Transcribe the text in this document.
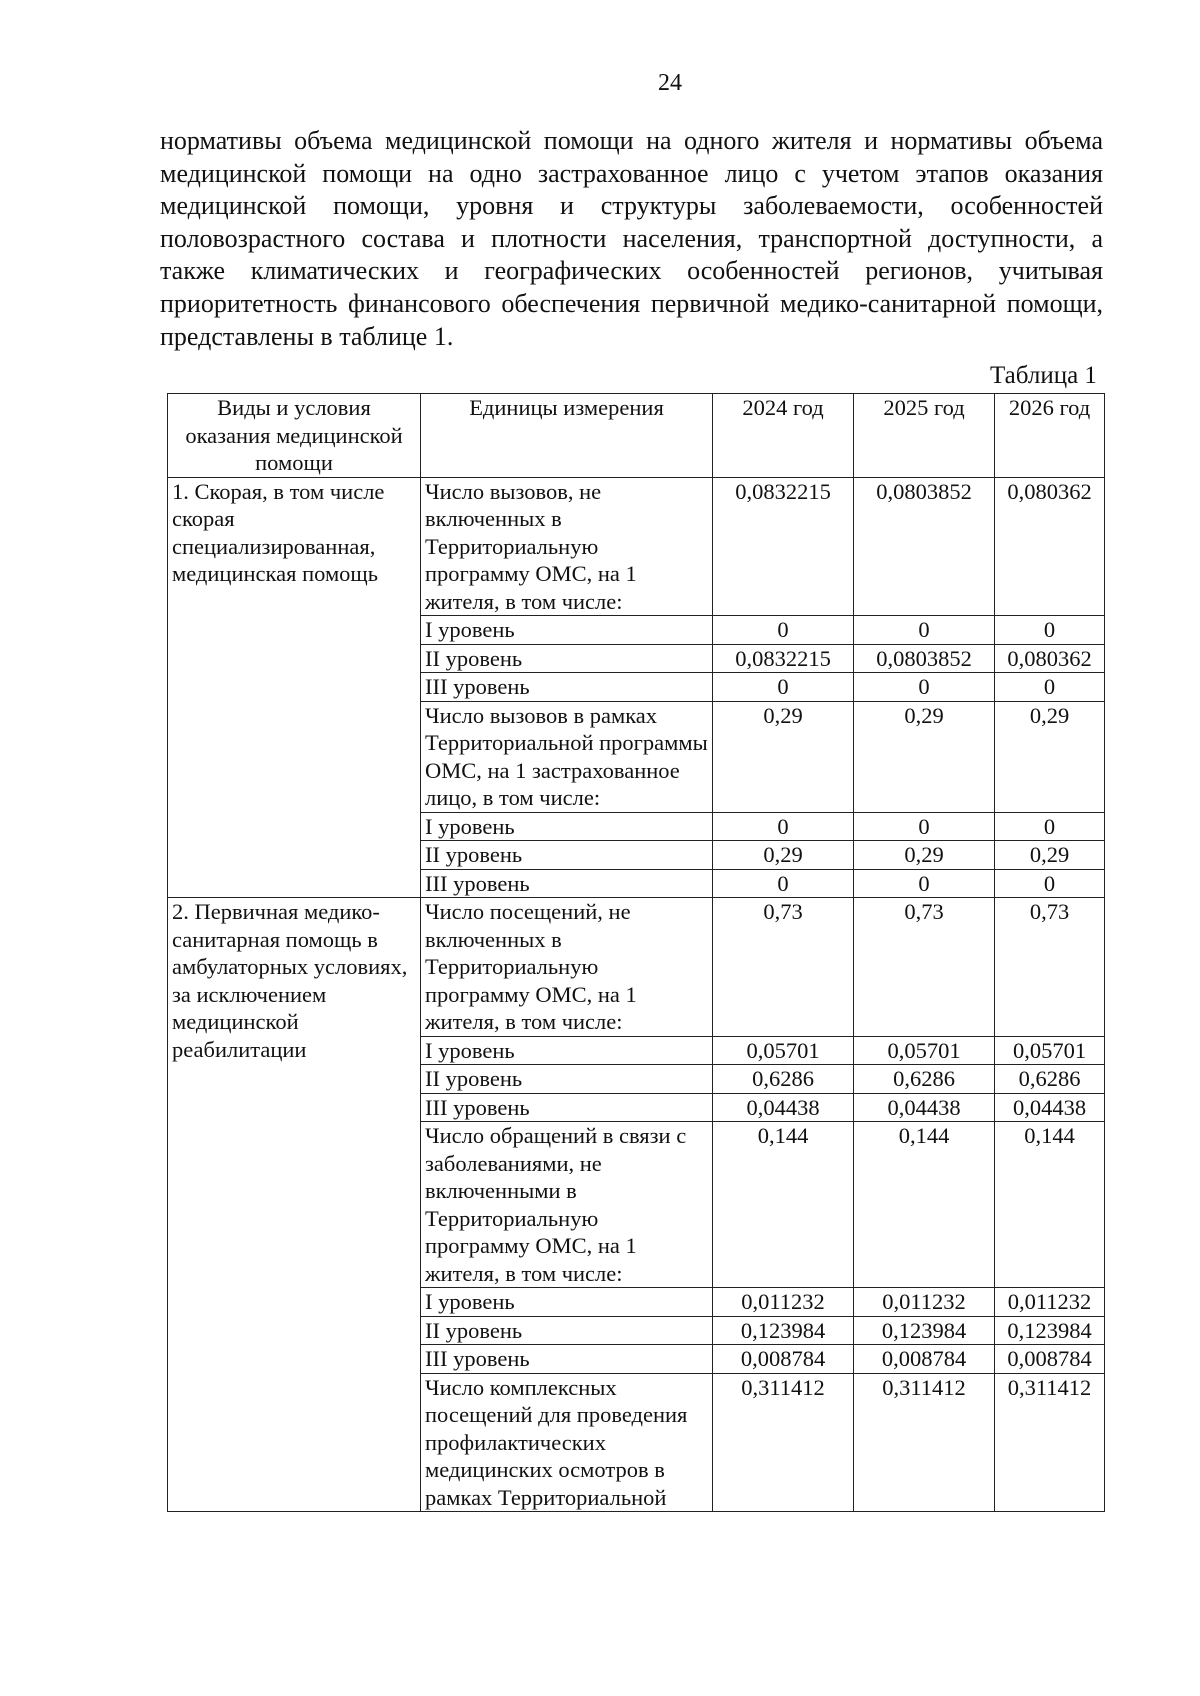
24

нормативы объема медицинской помощи на одного жителя и нормативы объема медицинской помощи на одно застрахованное лицо с учетом этапов оказания медицинской помощи, уровня и структуры заболеваемости, особенностей половозрастного состава и плотности населения, транспортной доступности, а также климатических и географических особенностей регионов, учитывая приоритетность финансового обеспечения первичной медико-санитарной помощи, представлены в таблице 1.

Таблица 1
Виды и условия оказания медицинской помощи	Единицы измерения	2024 год	2025 год	2026 год
1. Скорая, в том числе скорая специализированная, медицинская помощь	Число вызовов, не включенных в Территориальную программу ОМС, на 1 жителя, в том числе:	0,0832215	0,0803852	0,080362
	I уровень	0	0	0
	II уровень	0,0832215	0,0803852	0,080362
	III уровень	0	0	0
	Число вызовов в рамках Территориальной программы ОМС, на 1 застрахованное лицо, в том числе:	0,29	0,29	0,29
	I уровень	0	0	0
	II уровень	0,29	0,29	0,29
	III уровень	0	0	0
2. Первичная медико-санитарная помощь в амбулаторных условиях, за исключением медицинской реабилитации	Число посещений, не включенных в Территориальную программу ОМС, на 1 жителя, в том числе:	0,73	0,73	0,73
	I уровень	0,05701	0,05701	0,05701
	II уровень	0,6286	0,6286	0,6286
	III уровень	0,04438	0,04438	0,04438
	Число обращений в связи с заболеваниями, не включенными в Территориальную программу ОМС, на 1 жителя, в том числе:	0,144	0,144	0,144
	I уровень	0,011232	0,011232	0,011232
	II уровень	0,123984	0,123984	0,123984
	III уровень	0,008784	0,008784	0,008784
	Число комплексных посещений для проведения профилактических медицинских осмотров в рамках Территориальной	0,311412	0,311412	0,311412
